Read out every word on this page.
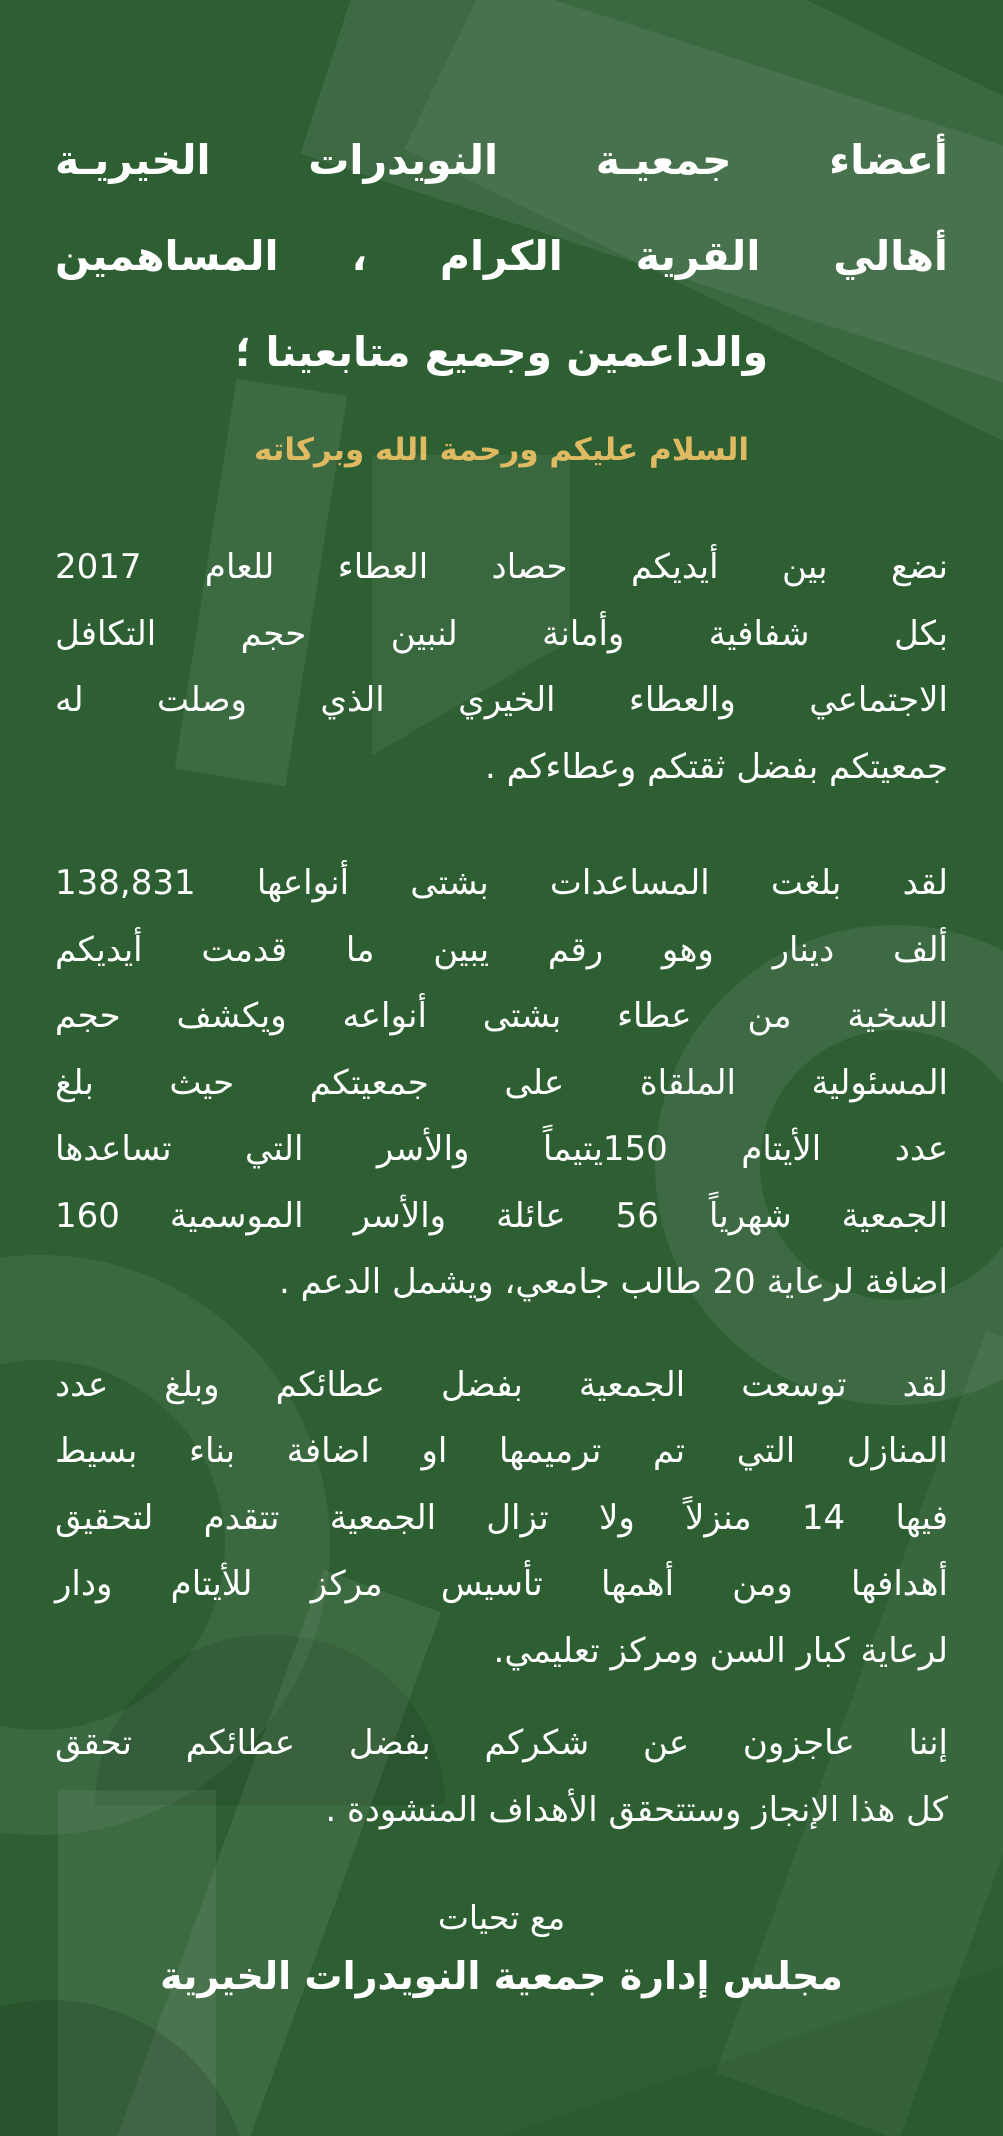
أعضاء جمعيـة النويدرات الخيريـة
أهالي القرية الكرام ، المساهمين
والداعمين وجميع متابعينا ؛
السلام عليكم ورحمة الله وبركاته
نضع بين أيديكم حصاد العطاء للعام 2017
بكل شفافية وأمانة لنبين حجم التكافل
الاجتماعي والعطاء الخيري الذي وصلت له
جمعيتكم بفضل ثقتكم وعطاءكم .
لقد بلغت المساعدات بشتى أنواعها 138,831
ألف دينار وهو رقم يبين ما قدمت أيديكم
السخية من عطاء بشتى أنواعه ويكشف حجم
المسئولية الملقاة على جمعيتكم حيث بلغ
عدد الأيتام 150يتيماً والأسر التي تساعدها
الجمعية شهرياً 56 عائلة والأسر الموسمية 160
اضافة لرعاية 20 طالب جامعي، ويشمل الدعم .
لقد توسعت الجمعية بفضل عطائكم وبلغ عدد
المنازل التي تم ترميمها او اضافة بناء بسيط
فيها 14 منزلاً ولا تزال الجمعية تتقدم لتحقيق
أهدافها ومن أهمها تأسيس مركز للأيتام ودار
لرعاية كبار السن ومركز تعليمي.
إننا عاجزون عن شكركم بفضل عطائكم تحقق
كل هذا الإنجاز وستتحقق الأهداف المنشودة .
مع تحيات
مجلس إدارة جمعية النويدرات الخيرية
